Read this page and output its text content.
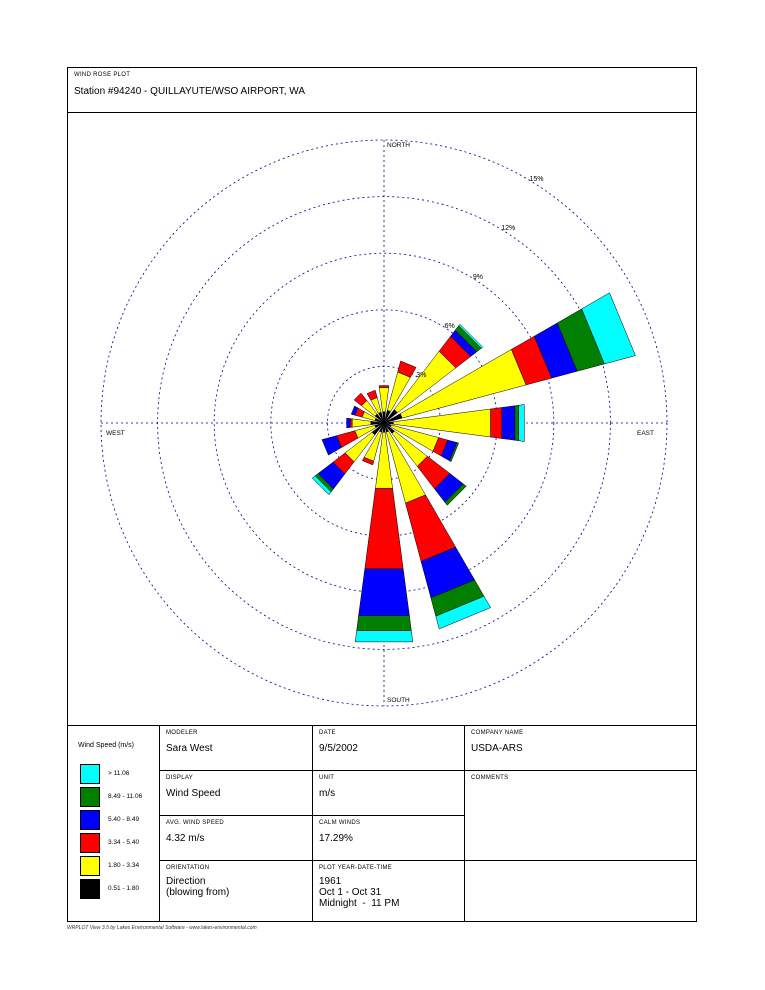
WIND ROSE PLOT
Station #94240 - QUILLAYUTE/WSO AIRPORT, WA
3%
6%
9%
12%
15%
NORTH
SOUTH
EAST
WEST
Wind Speed (m/s)
> 11.06
8.49 - 11.06
5.40 - 8.49
3.34 - 5.40
1.80 - 3.34
0.51 - 1.80
MODELER
Sara West
DATE
9/5/2002
COMPANY NAME
USDA-ARS
DISPLAY
Wind Speed
UNIT
m/s
COMMENTS
AVG. WIND SPEED
4.32 m/s
CALM WINDS
17.29%
ORIENTATION
Direction
(blowing from)
PLOT YEAR-DATE-TIME
1961
Oct 1 - Oct 31
Midnight  -  11 PM
WRPLOT View 3.5 by Lakes Environmental Software - www.lakes-environmental.com
